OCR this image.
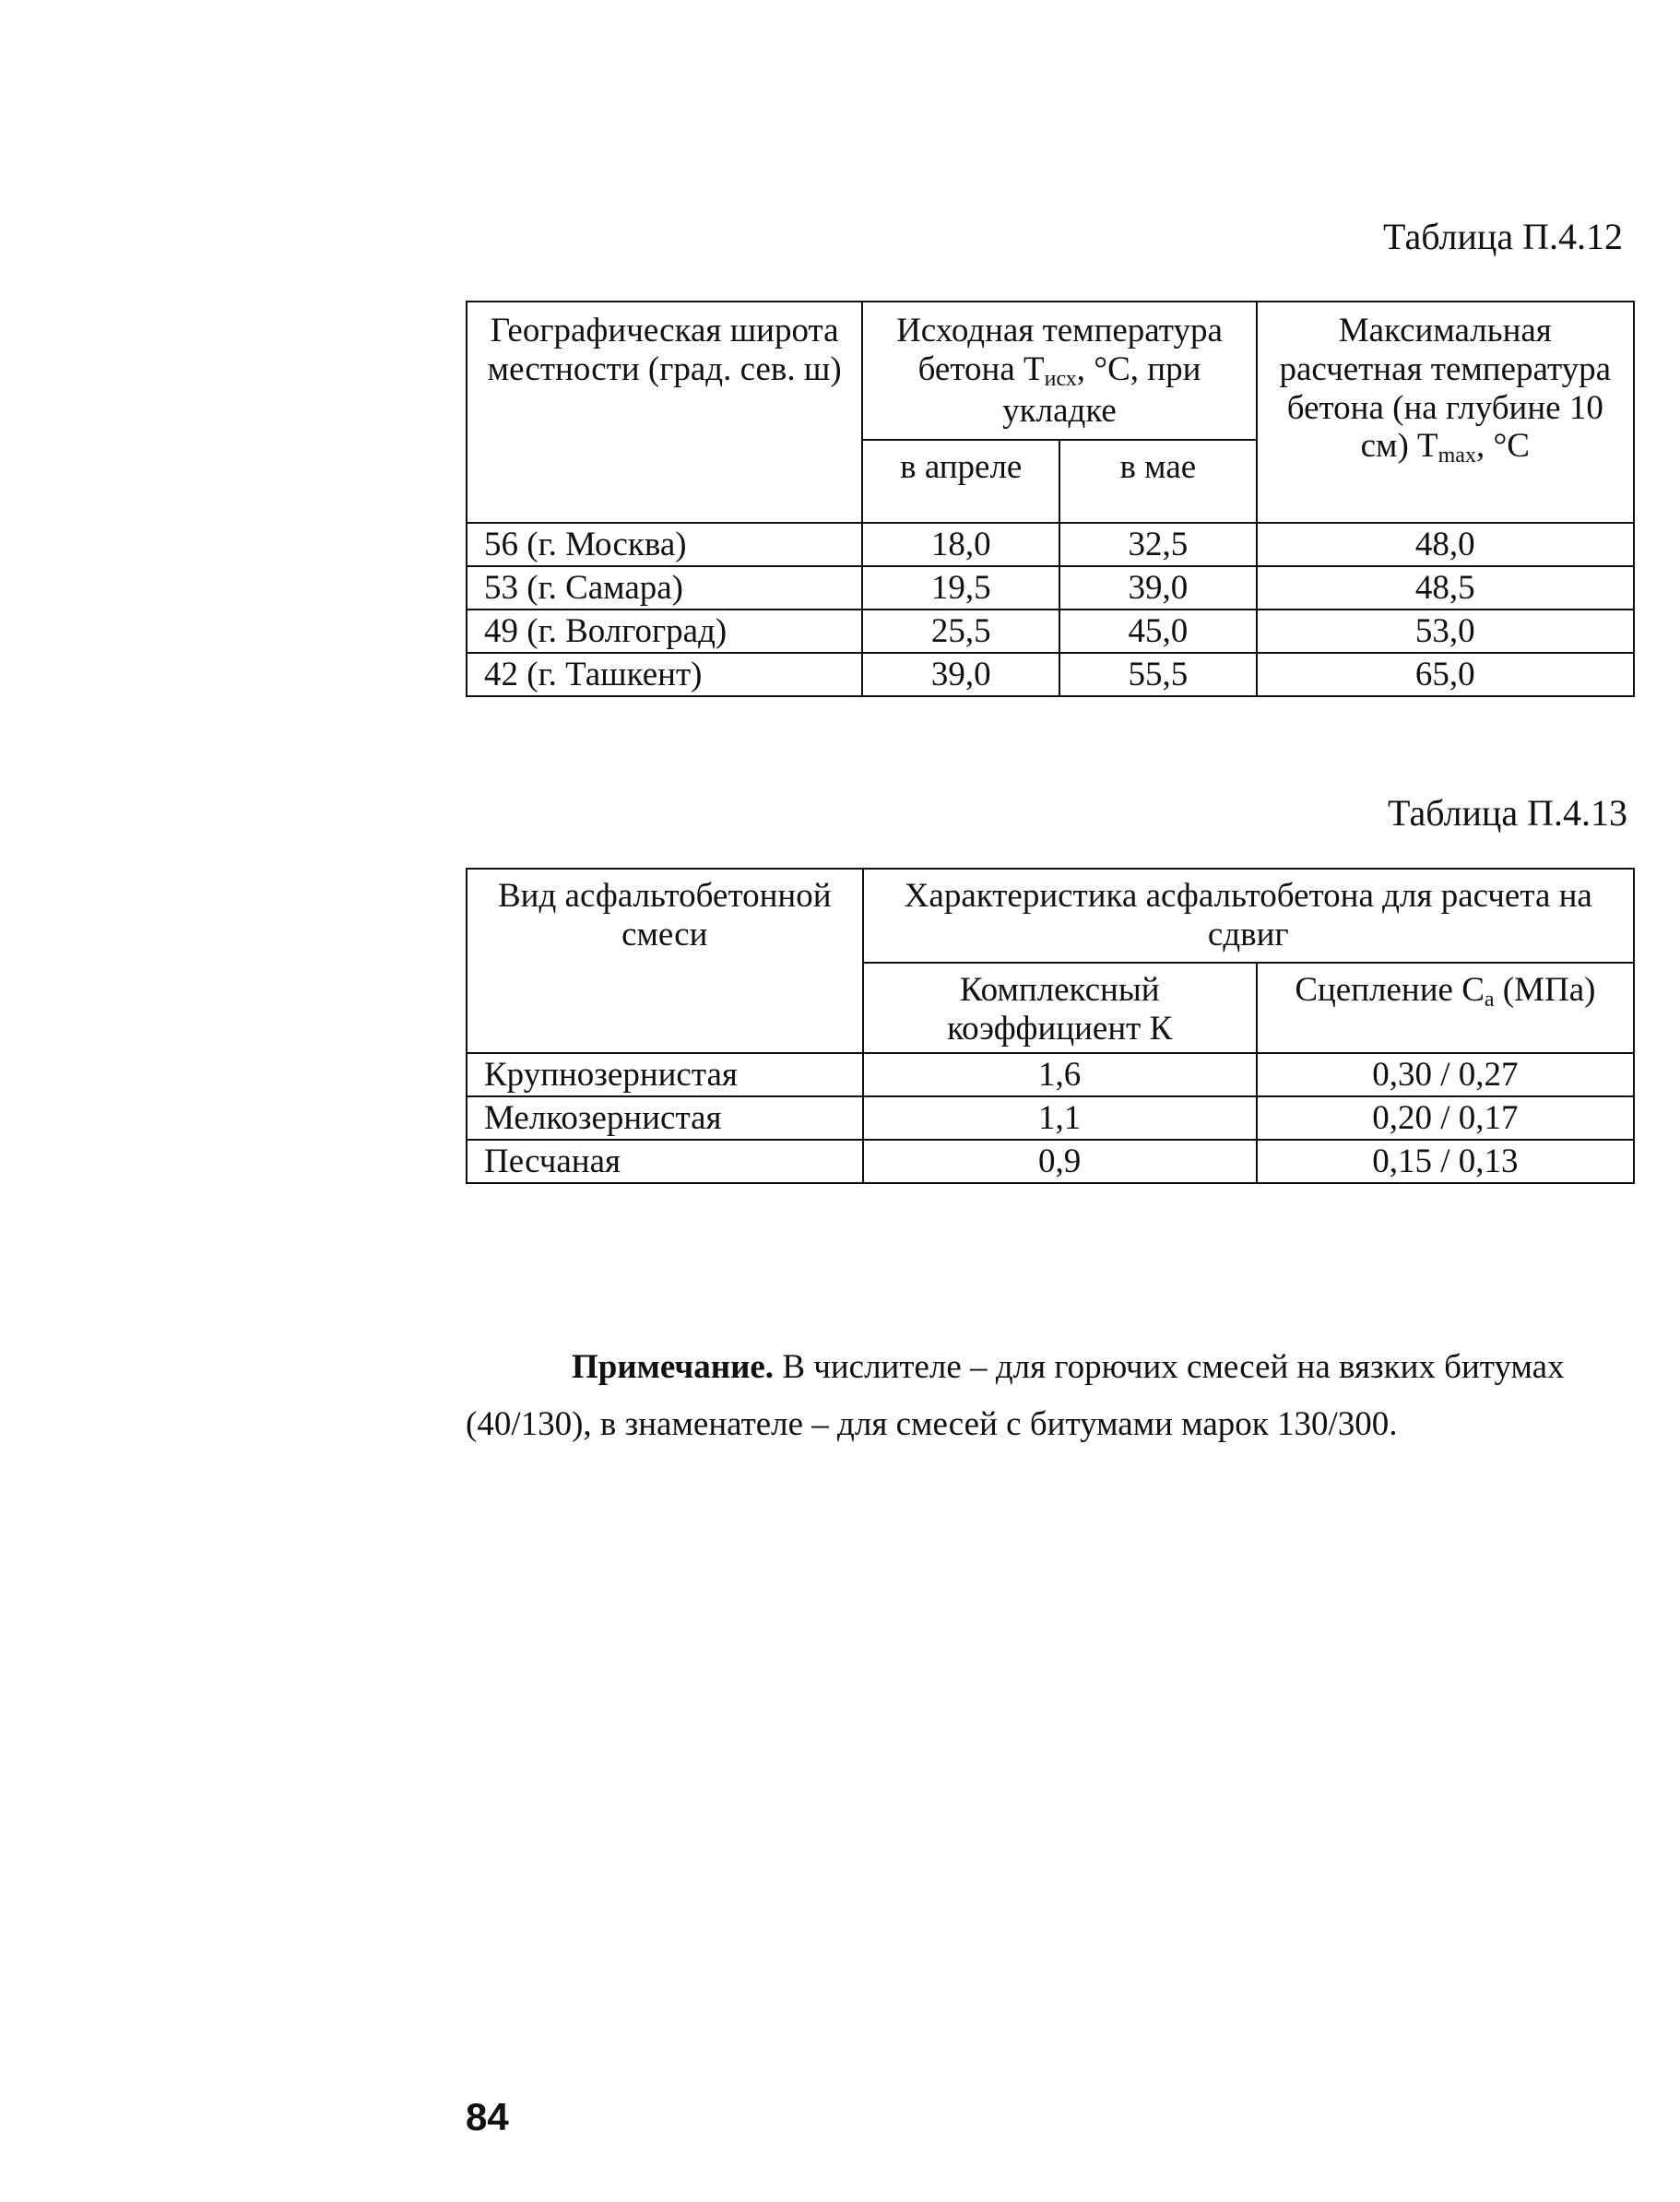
Таблица П.4.12
Географическая широта местности (град. сев. ш)	Исходная температура бетона $Т_{исх}$, °С, при укладке		Максимальная расчетная температура бетона (на глубине 10 см) $Т_{max}$, °С
	в апреле	в мае	
56 (г. Москва)	18,0	32,5	48,0
53 (г. Самара)	19,5	39,0	48,5
49 (г. Волгоград)	25,5	45,0	53,0
42 (г. Ташкент)	39,0	55,5	65,0
Таблица П.4.13
Вид асфальтобетонной смеси	Характеристика асфальтобетона для расчета на сдвиг	
	Комплексный коэффициент К	Сцепление $С_а$ (МПа)
Крупнозернистая	1,6	0,30 / 0,27
Мелкозернистая	1,1	0,20 / 0,17
Песчаная	0,9	0,15 / 0,13

Примечание. В числителе – для горючих смесей на вязких битумах (40/130), в знаменателе – для смесей с битумами марок 130/300.

84
